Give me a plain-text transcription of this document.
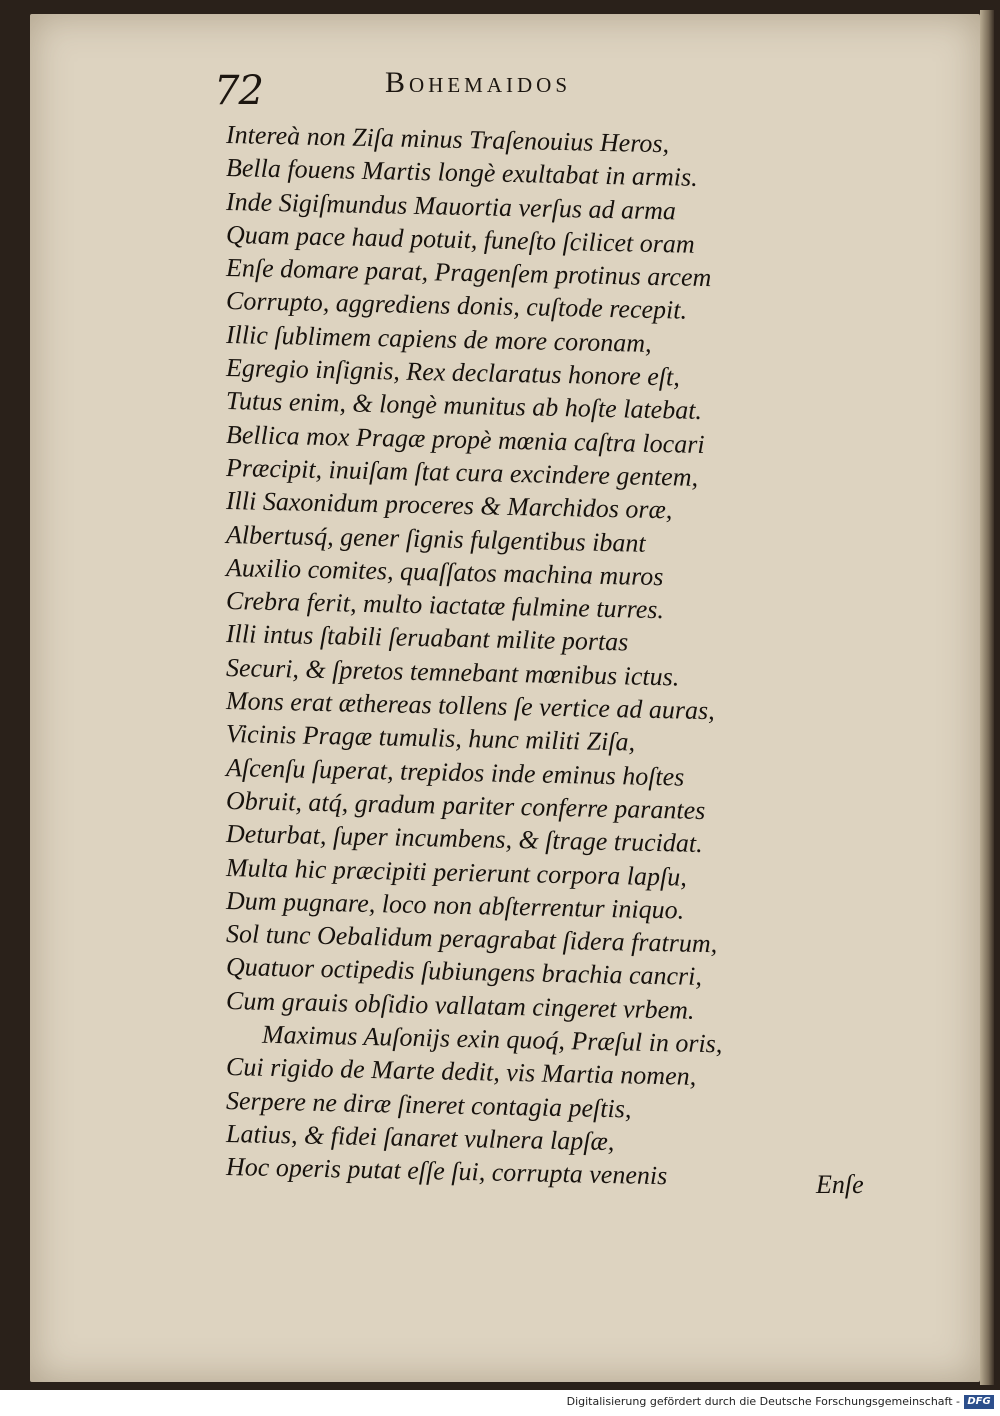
72	Bohemaidos
Intereà non Ziſa minus Traſenouius Heros,
Bella fouens Martis longè exultabat in armis.
Inde Sigiſmundus Mauortia verſus ad arma
Quam pace haud potuit, funeſto ſcilicet oram
Enſe domare parat, Pragenſem protinus arcem
Corrupto, aggrediens donis, cuſtode recepit.
Illic ſublimem capiens de more coronam,
Egregio inſignis, Rex declaratus honore eſt,
Tutus enim, & longè munitus ab hoſte latebat.
Bellica mox Pragæ propè mœnia caſtra locari
Præcipit, inuiſam ſtat cura excindere gentem,
Illi Saxonidum proceres & Marchidos oræ,
Albertusq́, gener ſignis fulgentibus ibant
Auxilio comites, quaſſatos machina muros
Crebra ferit, multo iactatæ fulmine turres.
Illi intus ſtabili ſeruabant milite portas
Securi, & ſpretos temnebant mœnibus ictus.
Mons erat æthereas tollens ſe vertice ad auras,
Vicinis Pragæ tumulis, hunc militi Ziſa,
Aſcenſu ſuperat, trepidos inde eminus hoſtes
Obruit, atq́, gradum pariter conferre parantes
Deturbat, ſuper incumbens, & ſtrage trucidat.
Multa hic præcipiti perierunt corpora lapſu,
Dum pugnare, loco non abſterrentur iniquo.
Sol tunc Oebalidum peragrabat ſidera fratrum,
Quatuor octipedis ſubiungens brachia cancri,
Cum grauis obſidio vallatam cingeret vrbem.
Maximus Auſonijs exin quoq́, Præſul in oris,
Cui rigido de Marte dedit, vis Martia nomen,
Serpere ne diræ ſineret contagia peſtis,
Latius, & fidei ſanaret vulnera lapſæ,
Hoc operis putat eſſe ſui, corrupta venenis	Enſe
Digitalisierung gefördert durch die Deutsche Forschungsgemeinschaft - DFG
